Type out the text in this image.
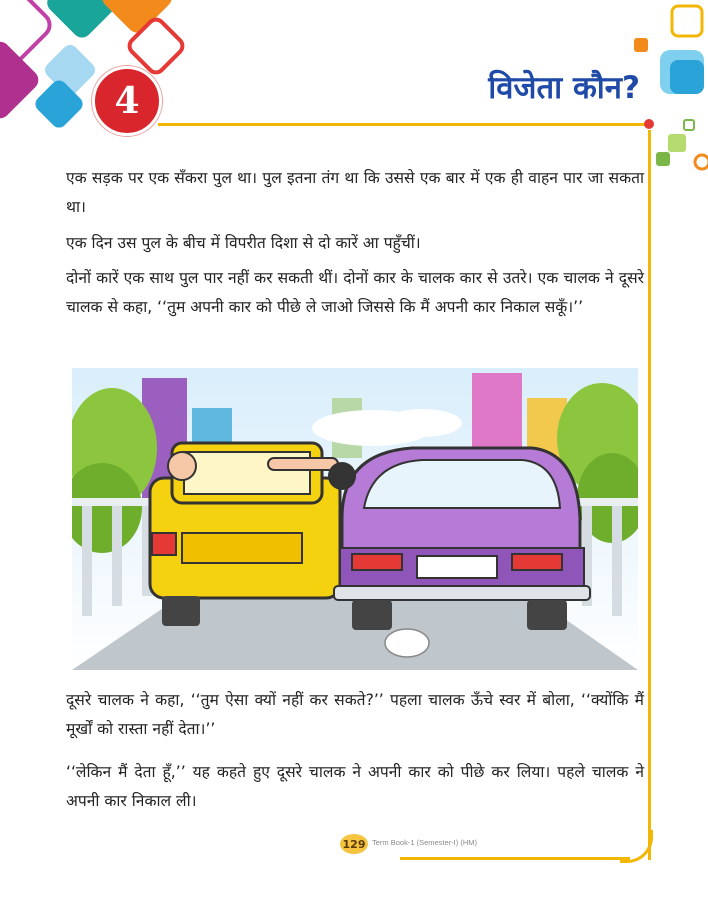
4	विजेता कौन?

एक सड़क पर एक सँकरा पुल था। पुल इतना तंग था कि उससे एक बार में एक ही वाहन पार जा सकता था।

एक दिन उस पुल के बीच में विपरीत दिशा से दो कारें आ पहुँचीं।

दोनों कारें एक साथ पुल पार नहीं कर सकती थीं। दोनों कार के चालक कार से उतरे। एक चालक ने दूसरे चालक से कहा, ‘‘तुम अपनी कार को पीछे ले जाओ जिससे कि मैं अपनी कार निकाल सकूँ।’’

दूसरे चालक ने कहा, ‘‘तुम ऐसा क्यों नहीं कर सकते?’’ पहला चालक ऊँचे स्वर में बोला, ‘‘क्योंकि मैं मूर्खों को रास्ता नहीं देता।’’

‘‘लेकिन मैं देता हूँ,’’ यह कहते हुए दूसरे चालक ने अपनी कार को पीछे कर लिया। पहले चालक ने अपनी कार निकाल ली।

129 Term Book-1 (Semester-I) (HM)
